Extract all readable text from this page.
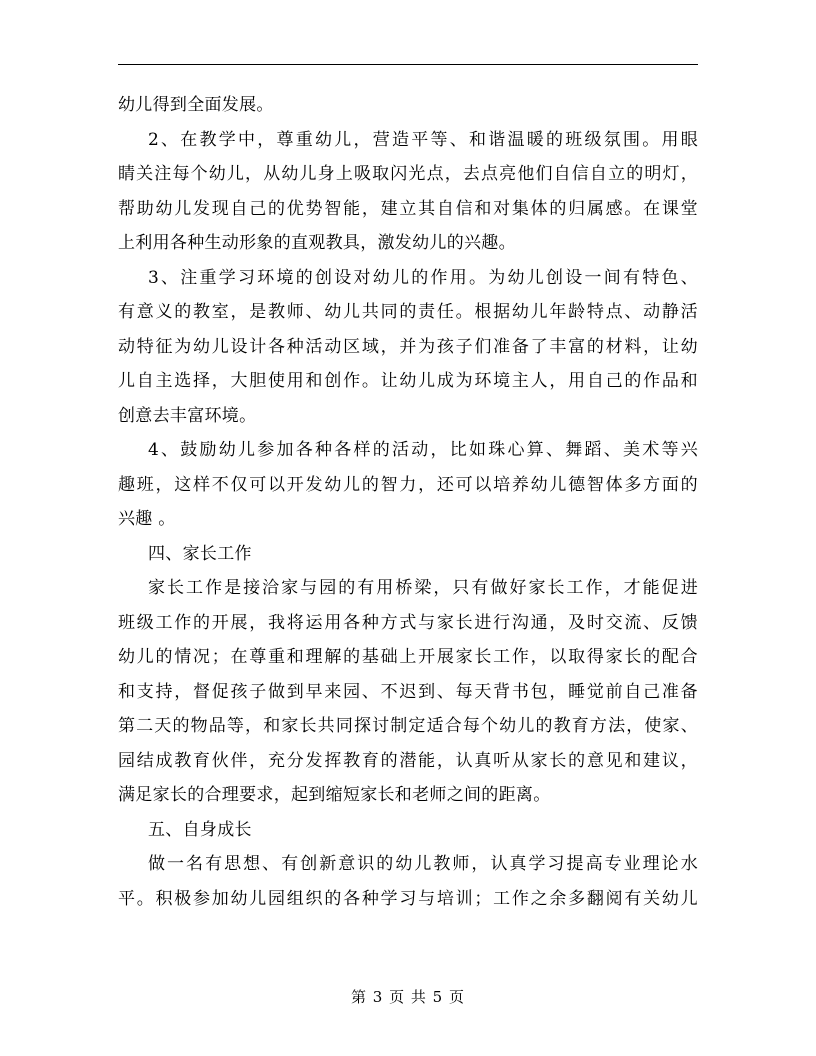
幼儿得到全面发展。
2、在教学中，尊重幼儿，营造平等、和谐温暖的班级氛围。用眼
睛关注每个幼儿，从幼儿身上吸取闪光点，去点亮他们自信自立的明灯，
帮助幼儿发现自己的优势智能，建立其自信和对集体的归属感。在课堂
上利用各种生动形象的直观教具，激发幼儿的兴趣。
3、注重学习环境的创设对幼儿的作用。为幼儿创设一间有特色、
有意义的教室，是教师、幼儿共同的责任。根据幼儿年龄特点、动静活
动特征为幼儿设计各种活动区域，并为孩子们准备了丰富的材料，让幼
儿自主选择，大胆使用和创作。让幼儿成为环境主人，用自己的作品和
创意去丰富环境。
4、鼓励幼儿参加各种各样的活动，比如珠心算、舞蹈、美术等兴
趣班，这样不仅可以开发幼儿的智力，还可以培养幼儿德智体多方面的
兴趣 。
四、家长工作
家长工作是接洽家与园的有用桥梁，只有做好家长工作，才能促进
班级工作的开展，我将运用各种方式与家长进行沟通，及时交流、反馈
幼儿的情况；在尊重和理解的基础上开展家长工作，以取得家长的配合
和支持，督促孩子做到早来园、不迟到、每天背书包，睡觉前自己准备
第二天的物品等，和家长共同探讨制定适合每个幼儿的教育方法，使家、
园结成教育伙伴，充分发挥教育的潜能，认真听从家长的意见和建议，
满足家长的合理要求，起到缩短家长和老师之间的距离。
五、自身成长
做一名有思想、有创新意识的幼儿教师，认真学习提高专业理论水
平。积极参加幼儿园组织的各种学习与培训；工作之余多翻阅有关幼儿
第 3 页 共 5 页
